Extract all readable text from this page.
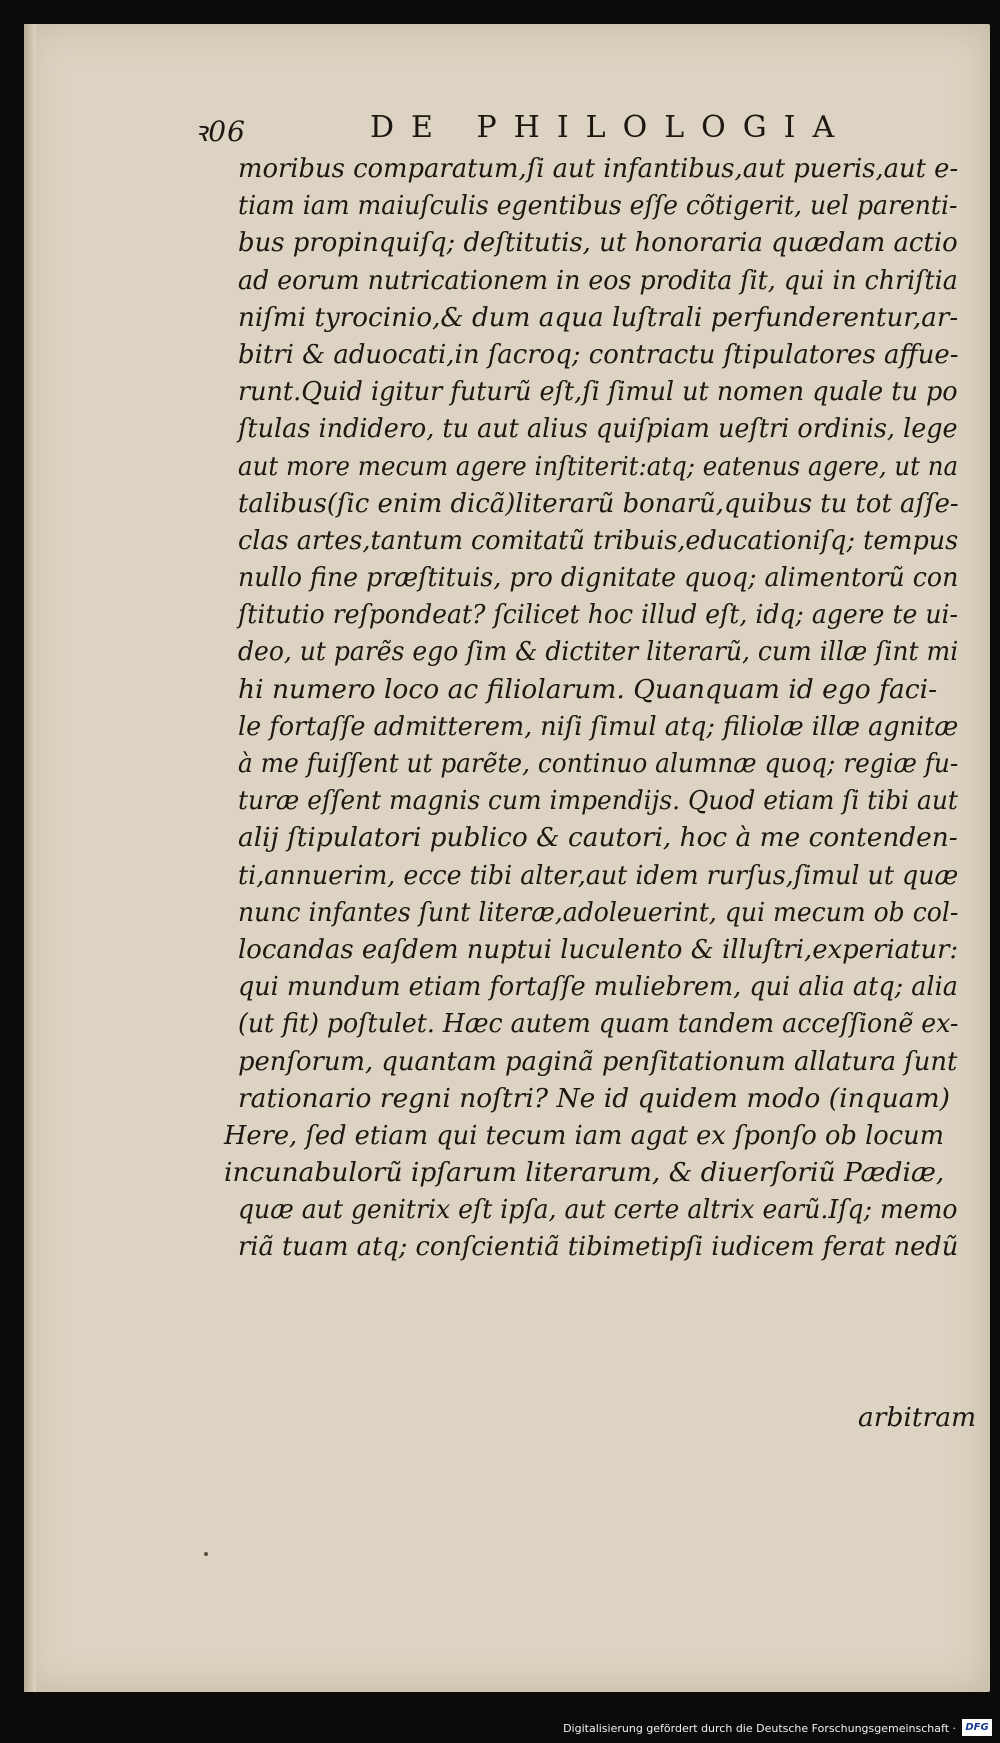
ꝛ06	DE PHILOLOGIA
moribus comparatum,ſi aut infantibus,aut pueris,aut e-
tiam iam maiuſculis egentibus eſſe cõtigerit, uel parenti-
bus propinquiſq; deſtitutis, ut honoraria quædam actio
ad eorum nutricationem in eos prodita ſit, qui in chriſtia
niſmi tyrocinio,& dum aqua luſtrali perfunderentur,ar-
bitri & aduocati,in ſacroq; contractu ſtipulatores affue-
runt.Quid igitur futurũ eſt,ſi ſimul ut nomen quale tu po
ſtulas indidero, tu aut alius quiſpiam ueſtri ordinis, lege
aut more mecum agere inſtiterit:atq; eatenus agere, ut na
talibus(ſic enim dicã)literarũ bonarũ,quibus tu tot aſſe-
clas artes,tantum comitatũ tribuis,educationiſq; tempus
nullo fine præſtituis, pro dignitate quoq; alimentorũ con
ſtitutio reſpondeat? ſcilicet hoc illud eſt, idq; agere te ui-
deo, ut parẽs ego ſim & dictiter literarũ, cum illæ ſint mi
hi numero loco ac filiolarum. Quanquam id ego faci-
le fortaſſe admitterem, niſi ſimul atq; filiolæ illæ agnitæ
à me fuiſſent ut parẽte, continuo alumnæ quoq; regiæ fu-
turæ eſſent magnis cum impendijs. Quod etiam ſi tibi aut
alij ſtipulatori publico & cautori, hoc à me contenden-
ti,annuerim, ecce tibi alter,aut idem rurſus,ſimul ut quæ
nunc infantes ſunt literæ,adoleuerint, qui mecum ob col-
locandas eaſdem nuptui luculento & illuſtri,experiatur:
qui mundum etiam fortaſſe muliebrem, qui alia atq; alia
(ut fit) poſtulet. Hæc autem quam tandem acceſſionẽ ex-
penſorum, quantam paginã penſitationum allatura ſunt
rationario regni noſtri? Ne id quidem modo (inquam)
Here, ſed etiam qui tecum iam agat ex ſponſo ob locum
incunabulorũ ipſarum literarum, & diuerſoriũ Pædiæ,
quæ aut genitrix eſt ipſa, aut certe altrix earũ.Iſq; memo
riã tuam atq; conſcientiã tibimetipſi iudicem ferat nedũ
arbitram
Digitalisierung gefördert durch die Deutsche Forschungsgemeinschaft · DFG
